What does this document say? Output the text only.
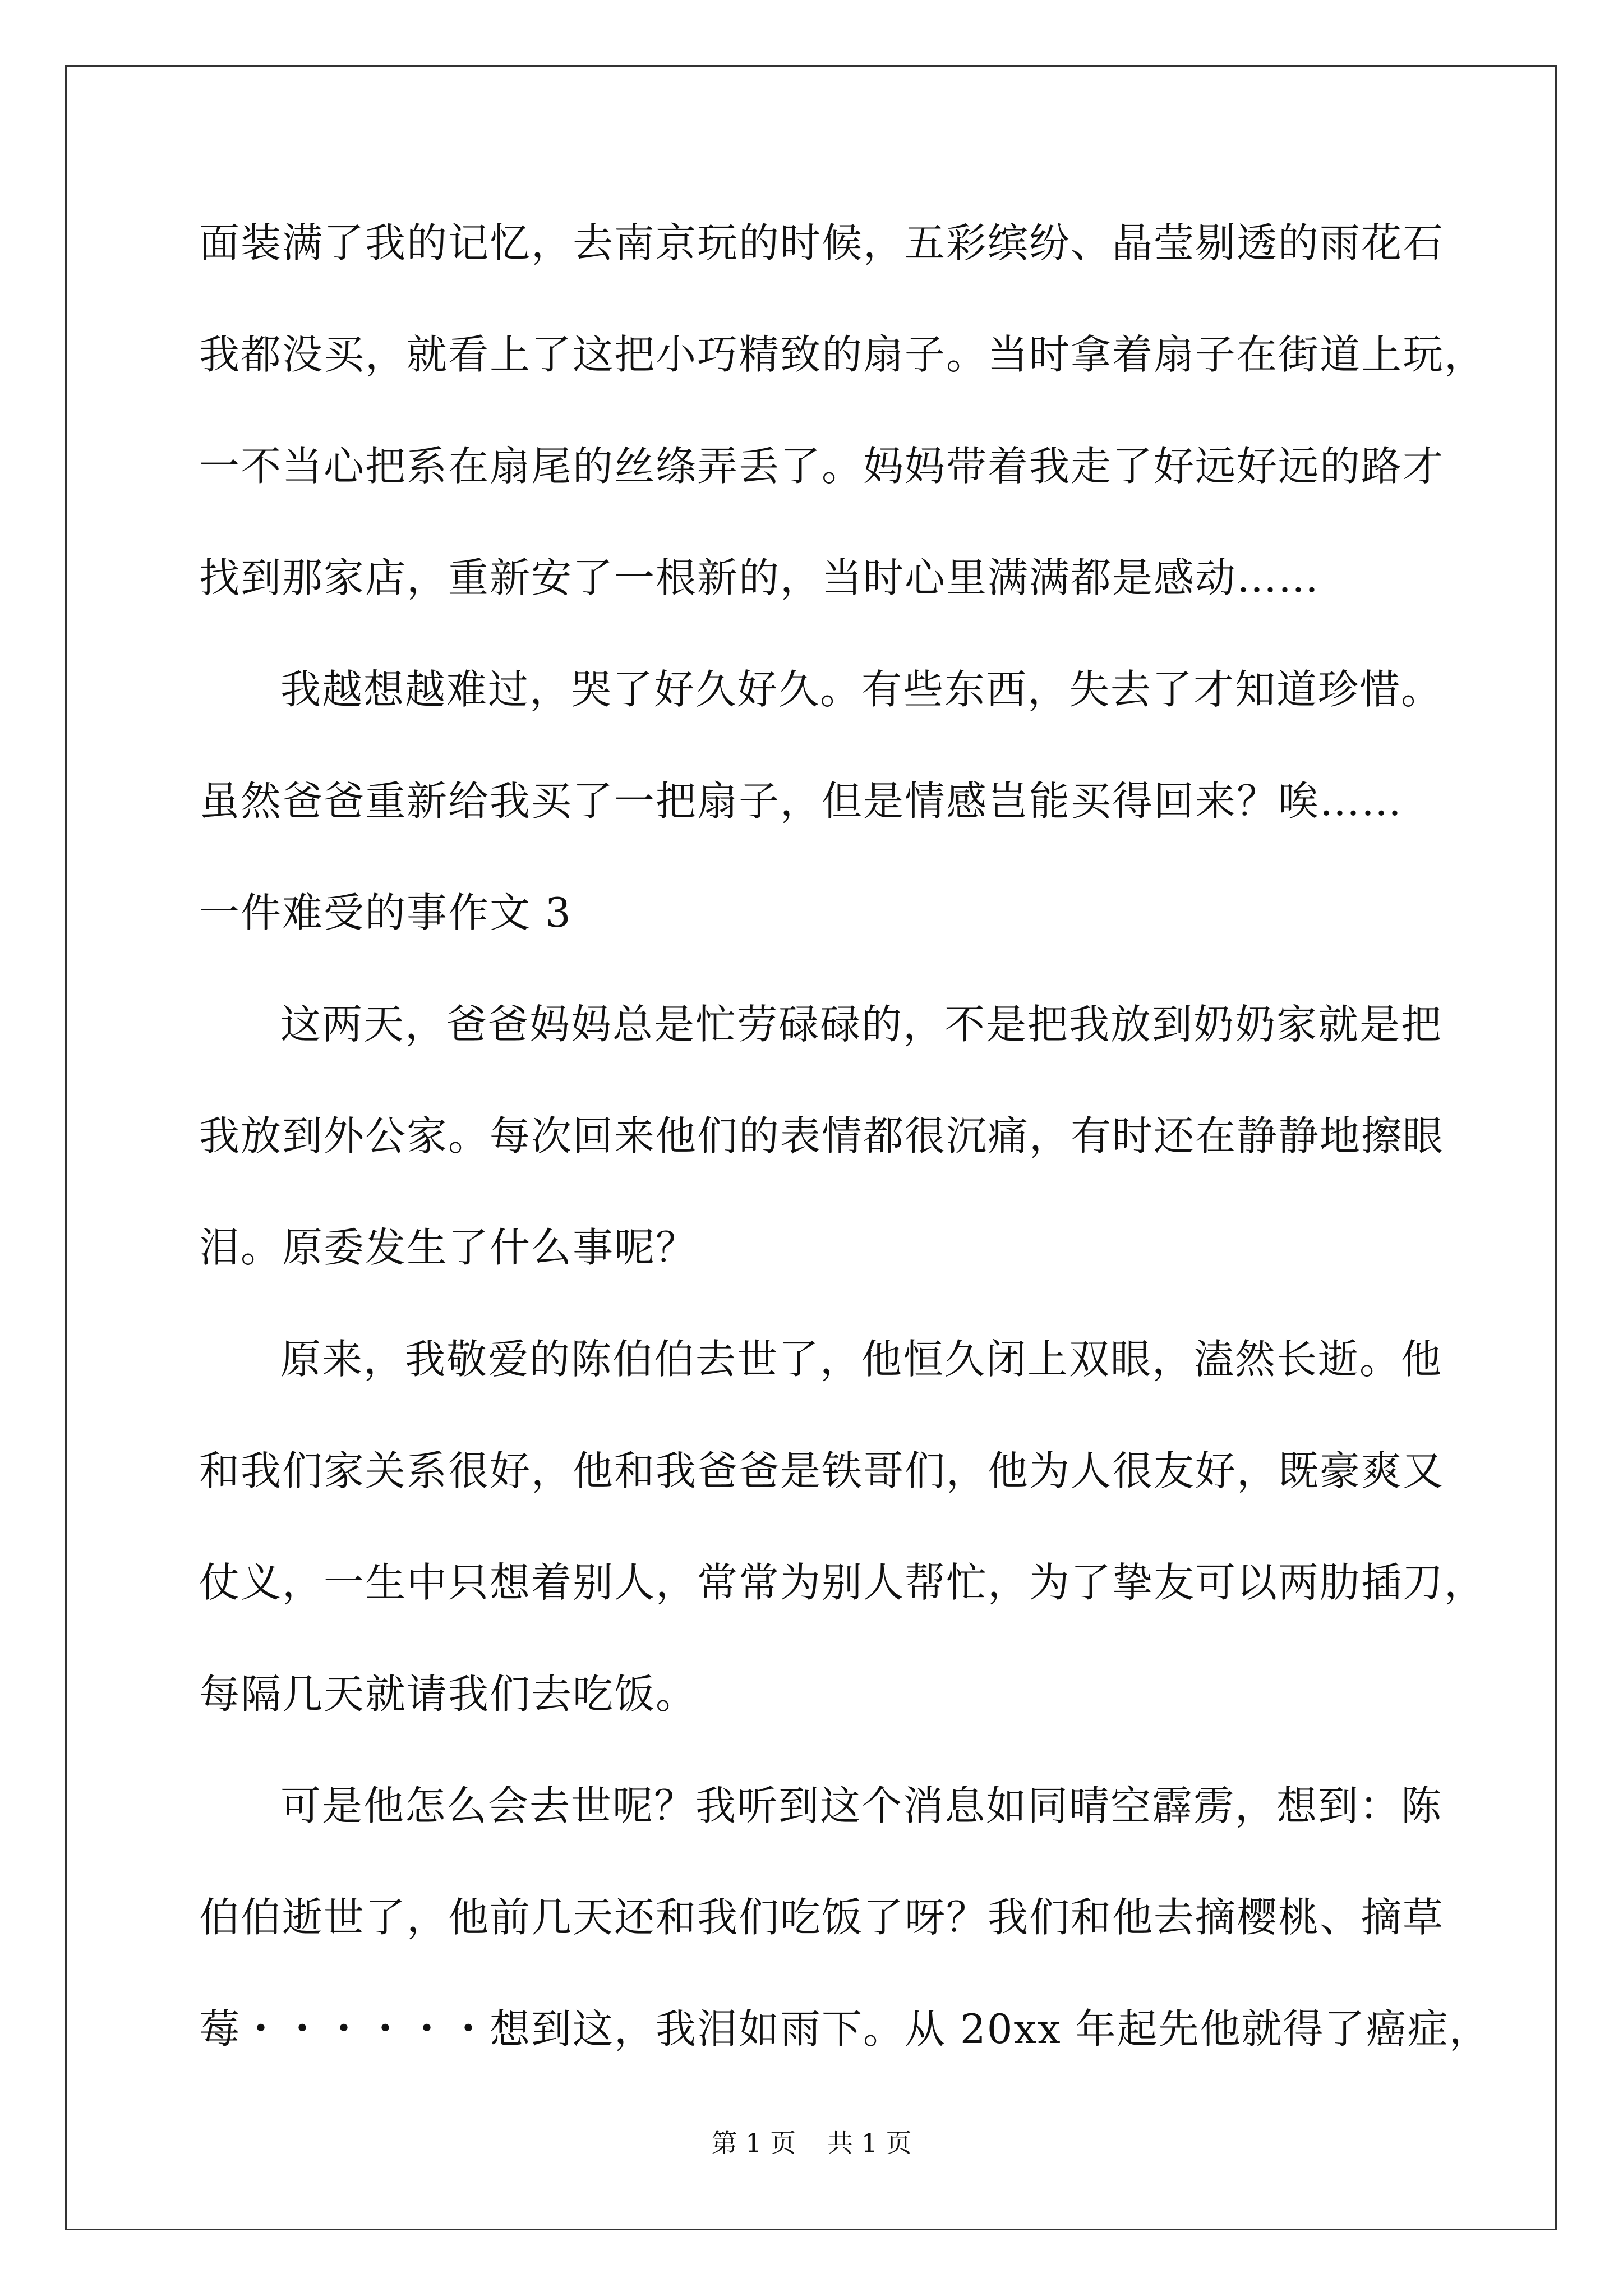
面装满了我的记忆，去南京玩的时候，五彩缤纷、晶莹剔透的雨花石

我都没买，就看上了这把小巧精致的扇子。当时拿着扇子在街道上玩，

一不当心把系在扇尾的丝绦弄丢了。妈妈带着我走了好远好远的路才

找到那家店，重新安了一根新的，当时心里满满都是感动……

我越想越难过，哭了好久好久。有些东西，失去了才知道珍惜。

虽然爸爸重新给我买了一把扇子，但是情感岂能买得回来？唉……

一件难受的事作文 3

这两天，爸爸妈妈总是忙劳碌碌的，不是把我放到奶奶家就是把

我放到外公家。每次回来他们的表情都很沉痛，有时还在静静地擦眼

泪。原委发生了什么事呢？

原来，我敬爱的陈伯伯去世了，他恒久闭上双眼，溘然长逝。他

和我们家关系很好，他和我爸爸是铁哥们，他为人很友好，既豪爽又

仗义，一生中只想着别人，常常为别人帮忙，为了挚友可以两肋插刀，

每隔几天就请我们去吃饭。

可是他怎么会去世呢？我听到这个消息如同晴空霹雳，想到：陈

伯伯逝世了，他前几天还和我们吃饭了呀？我们和他去摘樱桃、摘草

莓・・・・・・想到这，我泪如雨下。从 20xx 年起先他就得了癌症，

第 1 页 共 1 页
